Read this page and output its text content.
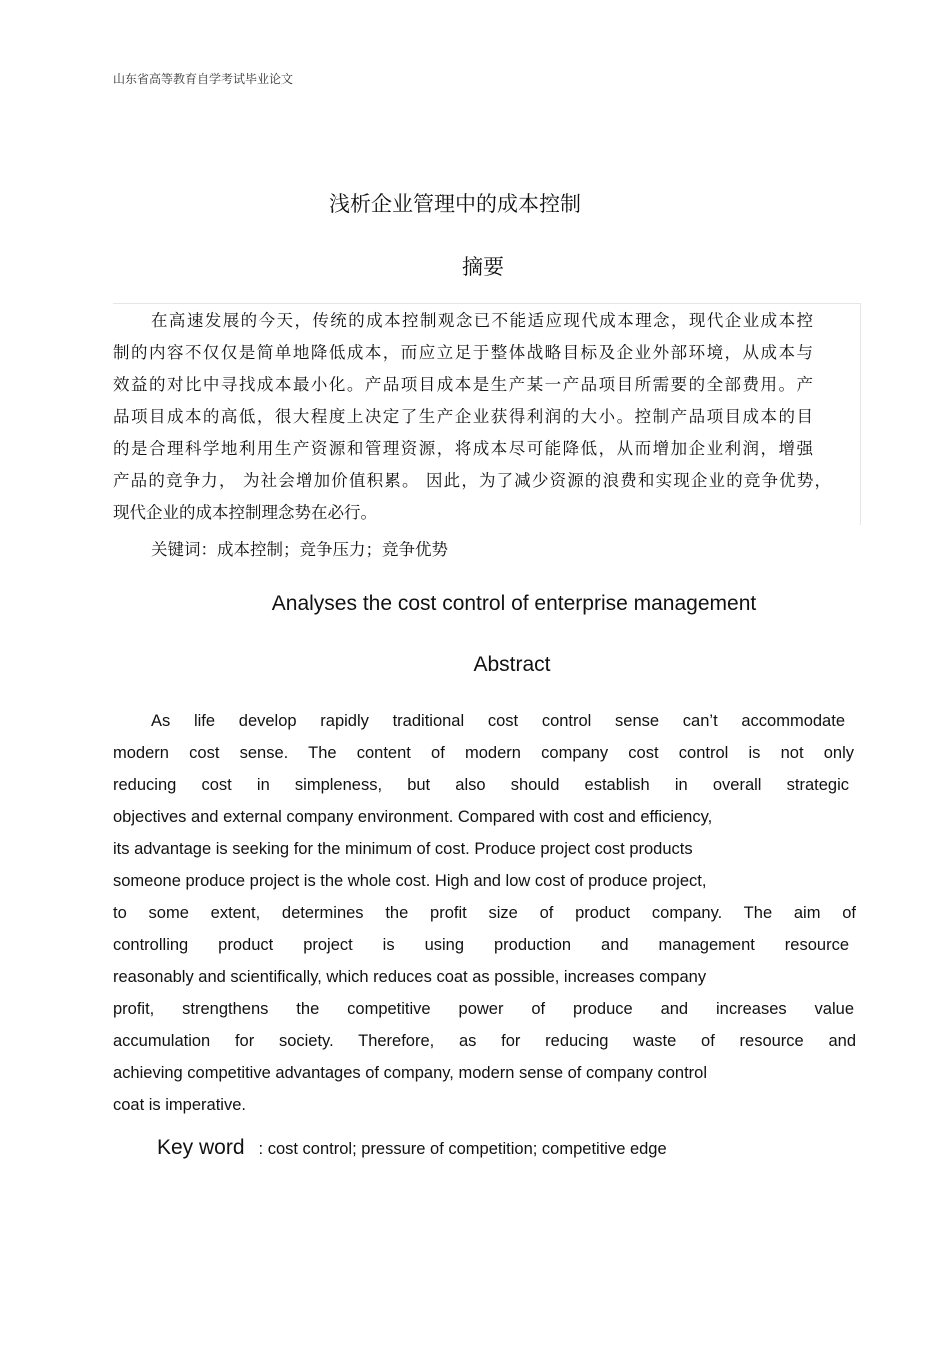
山东省高等教育自学考试毕业论文
浅析企业管理中的成本控制
摘要
在高速发展的今天，传统的成本控制观念已不能适应现代成本理念，现代企业成本控
制的内容不仅仅是简单地降低成本，而应立足于整体战略目标及企业外部环境，从成本与
效益的对比中寻找成本最小化。产品项目成本是生产某一产品项目所需要的全部费用。产
品项目成本的高低，很大程度上决定了生产企业获得利润的大小。控制产品项目成本的目
的是合理科学地利用生产资源和管理资源，将成本尽可能降低，从而增加企业利润，增强
产品的竞争力， 为社会增加价值积累。 因此，为了减少资源的浪费和实现企业的竞争优势，
现代企业的成本控制理念势在必行。
关键词：成本控制；竞争压力；竞争优势
Analyses the cost control of enterprise management
Abstract
As life develop rapidly traditional cost control sense can’t accommodate
modern cost sense. The content of modern company cost control is not only
reducing cost in simpleness, but also should establish in overall strategic
objectives and external company environment. Compared with cost and efficiency,
its advantage is seeking for the minimum of cost. Produce project cost products
someone produce project is the whole cost. High and low cost of produce project,
to some extent, determines the profit size of product company. The aim of
controlling product project is using production and management resource
reasonably and scientifically, which reduces coat as possible, increases company
profit, strengthens the competitive power of produce and increases value
accumulation for society. Therefore, as for reducing waste of resource and
achieving competitive advantages of company, modern sense of company control
coat is imperative.
Key word : cost control; pressure of competition; competitive edge
